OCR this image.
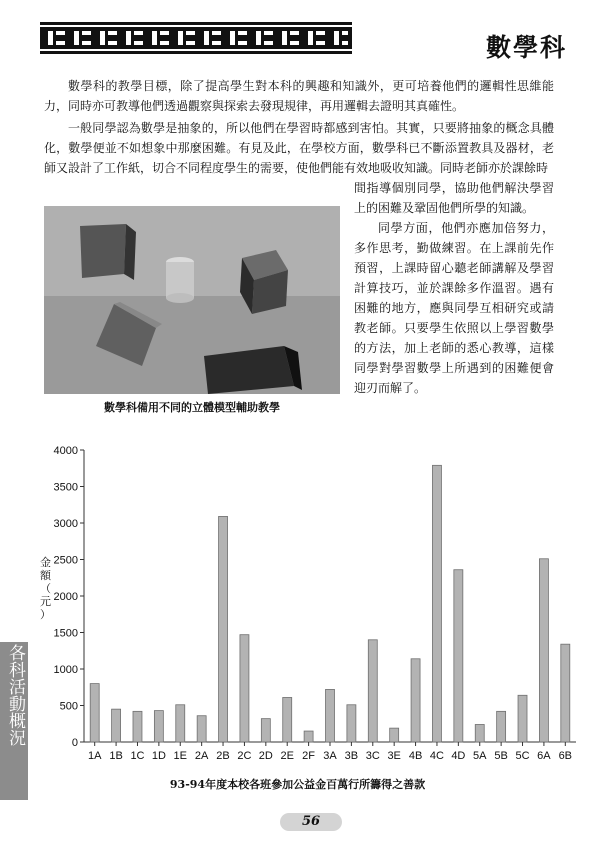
數學科

數學科的教學目標，除了提高學生對本科的興趣和知識外，更可培養他們的邏輯性思維能力，同時亦可教導他們透過觀察與探索去發現規律，再用邏輯去證明其真確性。

一般同學認為數學是抽象的，所以他們在學習時都感到害怕。其實，只要將抽象的概念具體化，數學便並不如想象中那麼困難。有見及此，在學校方面，數學科已不斷添置教具及器材，老師又設計了工作紙，切合不同程度學生的需要，使他們能有效地吸收知識。同時老師亦於課餘時

間指導個別同學，協助他們解決學習上的困難及鞏固他們所學的知識。

同學方面，他們亦應加倍努力，多作思考，勤做練習。在上課前先作預習，上課時留心聽老師講解及學習計算技巧，並於課餘多作溫習。遇有困難的地方，應與同學互相研究或請教老師。只要學生依照以上學習數學的方法，加上老師的悉心教導，這樣同學對學習數學上所遇到的困難便會迎刃而解了。

數學科備用不同的立體模型輔助教學
0
500
1000
1500
2000
2500
3000
3500
4000
金
額
（
元
）
1A 1B 1C 1D 1E 2A 2B 2C 2D 2E 2F 3A 3B 3C 3E 4B 4C 4D 5A 5B 5C 6A 6B
93-94年度本校各班參加公益金百萬行所籌得之善款
各科活動概況
56
